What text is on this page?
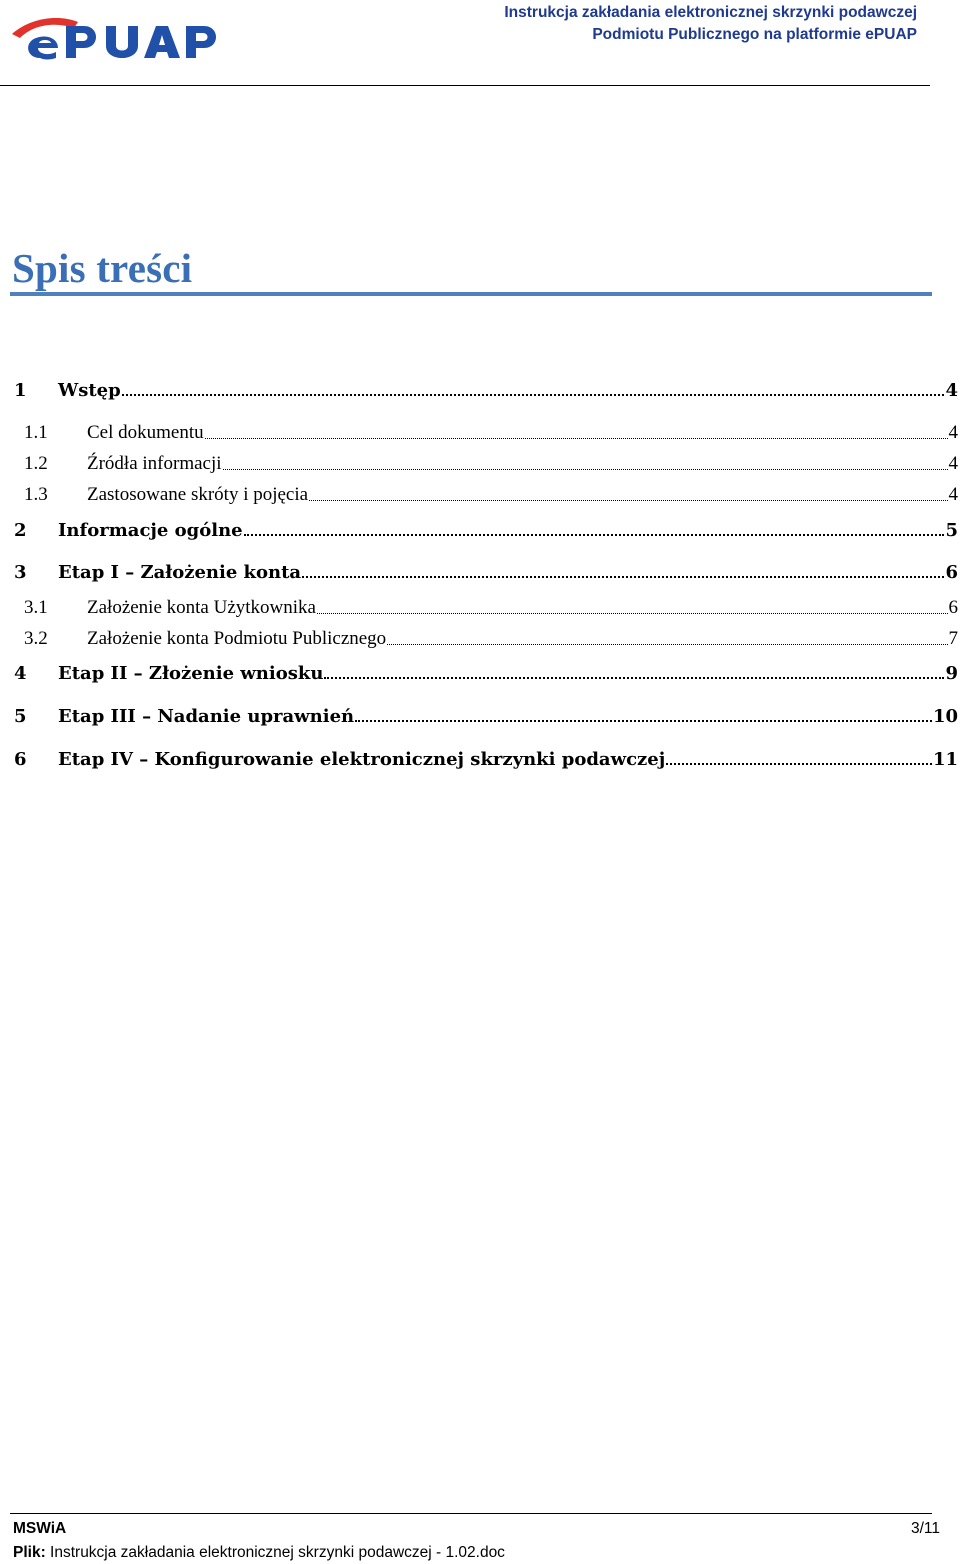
Instrukcja zakładania elektronicznej skrzynki podawczej
Podmiotu Publicznego na platformie ePUAP
Spis treści
1 Wstęp	4
1.1 Cel dokumentu	4
1.2 Źródła informacji	4
1.3 Zastosowane skróty i pojęcia	4
2 Informacje ogólne	5
3 Etap I – Założenie konta	6
3.1 Założenie konta Użytkownika	6
3.2 Założenie konta Podmiotu Publicznego	7
4 Etap II – Złożenie wniosku	9
5 Etap III – Nadanie uprawnień	10
6 Etap IV – Konfigurowanie elektronicznej skrzynki podawczej	11
MSWiA	3/11
Plik: Instrukcja zakładania elektronicznej skrzynki podawczej - 1.02.doc
